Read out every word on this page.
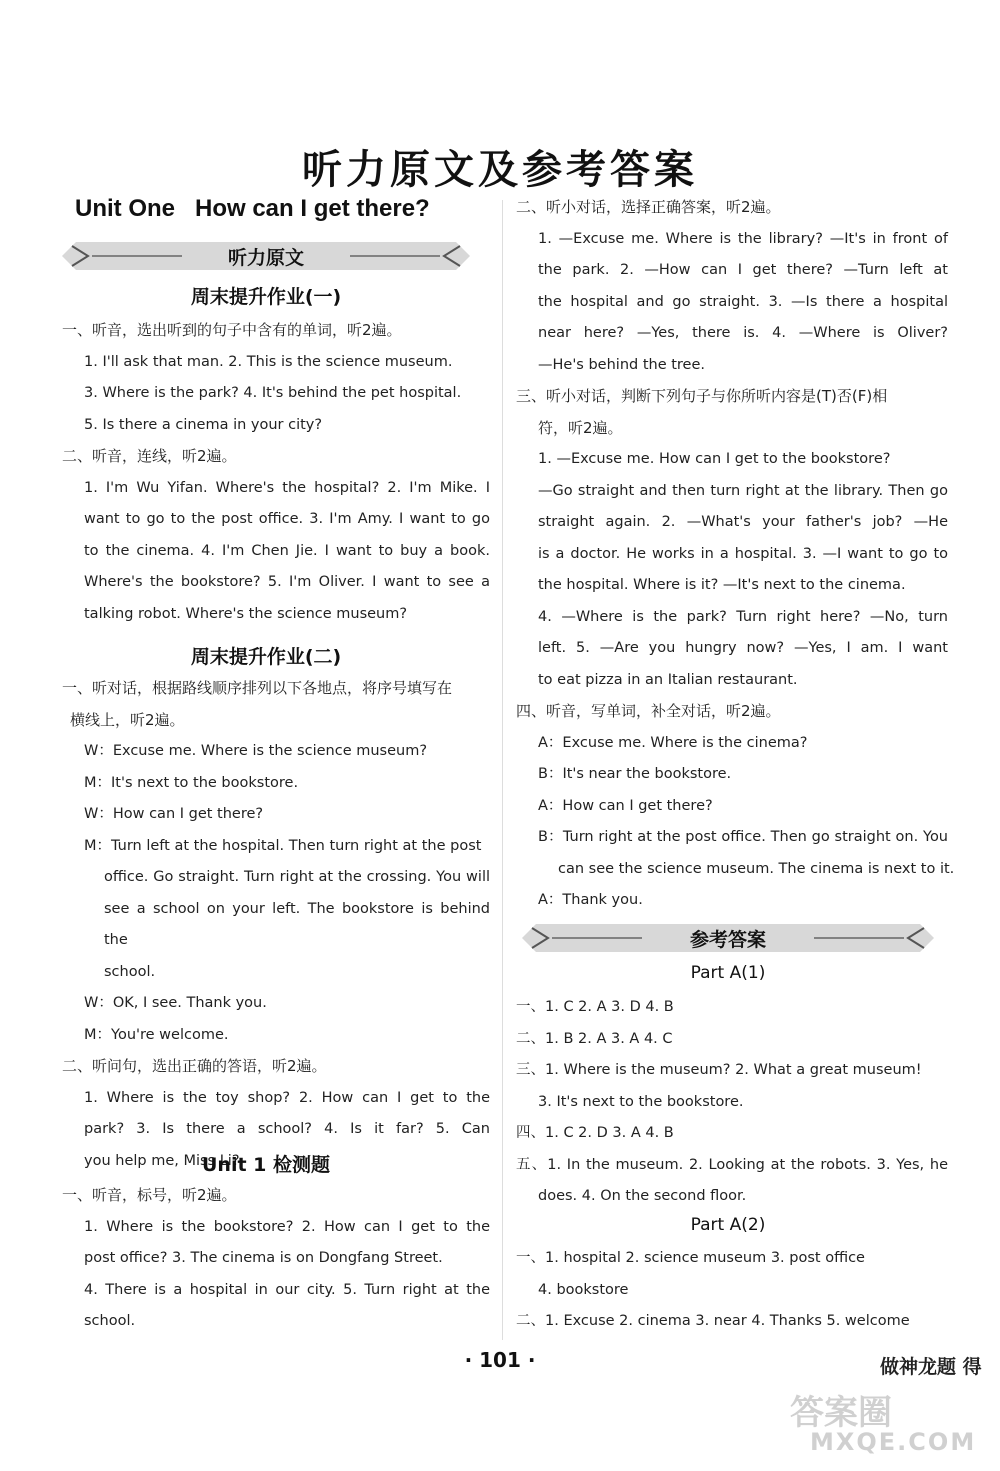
听力原文及参考答案
Unit One   How can I get there?
听力原文
周末提升作业(一)

一、听音，选出听到的句子中含有的单词，听2遍。

1. I'll ask that man. 2. This is the science museum.

3. Where is the park? 4. It's behind the pet hospital.

5. Is there a cinema in your city?

二、听音，连线，听2遍。

1. I'm Wu Yifan. Where's the hospital? 2. I'm Mike. I

want to go to the post office. 3. I'm Amy. I want to go

to the cinema. 4. I'm Chen Jie. I want to buy a book.

Where's the bookstore? 5. I'm Oliver. I want to see a

talking robot. Where's the science museum?

周末提升作业(二)

一、听对话，根据路线顺序排列以下各地点，将序号填写在

横线上，听2遍。

W：Excuse me. Where is the science museum?

M：It's next to the bookstore.

W：How can I get there?

M：Turn left at the hospital. Then turn right at the post

office. Go straight. Turn right at the crossing. You will

see a school on your left. The bookstore is behind the

school.

W：OK, I see. Thank you.

M：You're welcome.

二、听问句，选出正确的答语，听2遍。

1. Where is the toy shop? 2. How can I get to the

park? 3. Is there a school? 4. Is it far? 5. Can

you help me, Miss Li?

Unit 1 检测题

一、听音，标号，听2遍。

1. Where is the bookstore? 2. How can I get to the

post office? 3. The cinema is on Dongfang Street.

4. There is a hospital in our city. 5. Turn right at the

school.

二、听小对话，选择正确答案，听2遍。

1. —Excuse me. Where is the library? —It's in front of

the park. 2. —How can I get there? —Turn left at

the hospital and go straight. 3. —Is there a hospital

near here? —Yes, there is. 4. —Where is Oliver?

—He's behind the tree.

三、听小对话，判断下列句子与你所听内容是(T)否(F)相

符，听2遍。

1. —Excuse me. How can I get to the bookstore?

—Go straight and then turn right at the library. Then go

straight again. 2. —What's your father's job? —He

is a doctor. He works in a hospital. 3. —I want to go to

the hospital. Where is it? —It's next to the cinema.

4. —Where is the park? Turn right here? —No, turn

left. 5. —Are you hungry now? —Yes, I am. I want

to eat pizza in an Italian restaurant.

四、听音，写单词，补全对话，听2遍。

A：Excuse me. Where is the cinema?

B：It's near the bookstore.

A：How can I get there?

B：Turn right at the post office. Then go straight on. You

can see the science museum. The cinema is next to it.

A：Thank you.

参考答案
Part A(1)

一、1. C 2. A 3. D 4. B

二、1. B 2. A 3. A 4. C

三、1. Where is the museum? 2. What a great museum!

3. It's next to the bookstore.

四、1. C 2. D 3. A 4. B

五、1. In the museum. 2. Looking at the robots. 3. Yes, he

does. 4. On the second floor.

Part A(2)

一、1. hospital 2. science museum 3. post office

4. bookstore

二、1. Excuse 2. cinema 3. near 4. Thanks 5. welcome

· 101 ·	做神龙题 得
答案圈
MXQE.COM
